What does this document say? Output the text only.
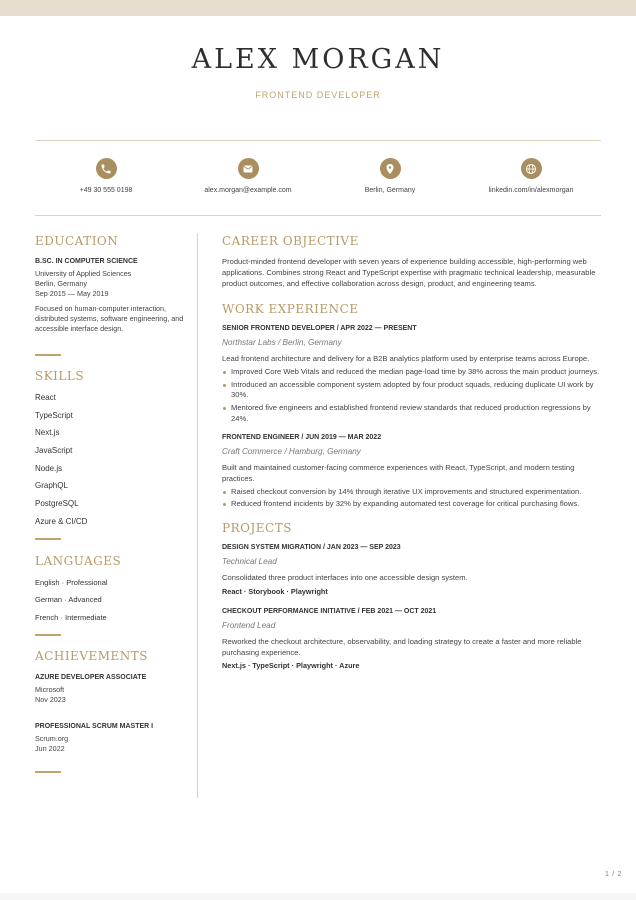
ALEX MORGAN
FRONTEND DEVELOPER
+49 30 555 0198	alex.morgan@example.com	Berlin, Germany	linkedin.com/in/alexmorgan
EDUCATION
B.SC. IN COMPUTER SCIENCE
University of Applied Sciences
Berlin, Germany
Sep 2015 — May 2019
Focused on human-computer interaction, distributed systems, software engineering, and accessible interface design.
SKILLS
React
TypeScript
Next.js
JavaScript
Node.js
GraphQL
PostgreSQL
Azure & CI/CD
LANGUAGES
English · Professional
German · Advanced
French · Intermediate
ACHIEVEMENTS
AZURE DEVELOPER ASSOCIATE
Microsoft
Nov 2023
PROFESSIONAL SCRUM MASTER I
Scrum.org
Jun 2022
CAREER OBJECTIVE
Product-minded frontend developer with seven years of experience building accessible, high-performing web applications. Combines strong React and TypeScript expertise with pragmatic technical leadership, measurable product outcomes, and effective collaboration across design, product, and engineering teams.
WORK EXPERIENCE
SENIOR FRONTEND DEVELOPER / APR 2022 — PRESENT
Northstar Labs / Berlin, Germany
Lead frontend architecture and delivery for a B2B analytics platform used by enterprise teams across Europe.
Improved Core Web Vitals and reduced the median page-load time by 38% across the main product journeys.
Introduced an accessible component system adopted by four product squads, reducing duplicate UI work by 30%.
Mentored five engineers and established frontend review standards that reduced production regressions by 24%.
FRONTEND ENGINEER / JUN 2019 — MAR 2022
Craft Commerce / Hamburg, Germany
Built and maintained customer-facing commerce experiences with React, TypeScript, and modern testing practices.
Raised checkout conversion by 14% through iterative UX improvements and structured experimentation.
Reduced frontend incidents by 32% by expanding automated test coverage for critical purchasing flows.
PROJECTS
DESIGN SYSTEM MIGRATION / JAN 2023 — SEP 2023
Technical Lead
Consolidated three product interfaces into one accessible design system.
React · Storybook · Playwright
CHECKOUT PERFORMANCE INITIATIVE / FEB 2021 — OCT 2021
Frontend Lead
Reworked the checkout architecture, observability, and loading strategy to create a faster and more reliable purchasing experience.
Next.js · TypeScript · Playwright · Azure
1 / 2
